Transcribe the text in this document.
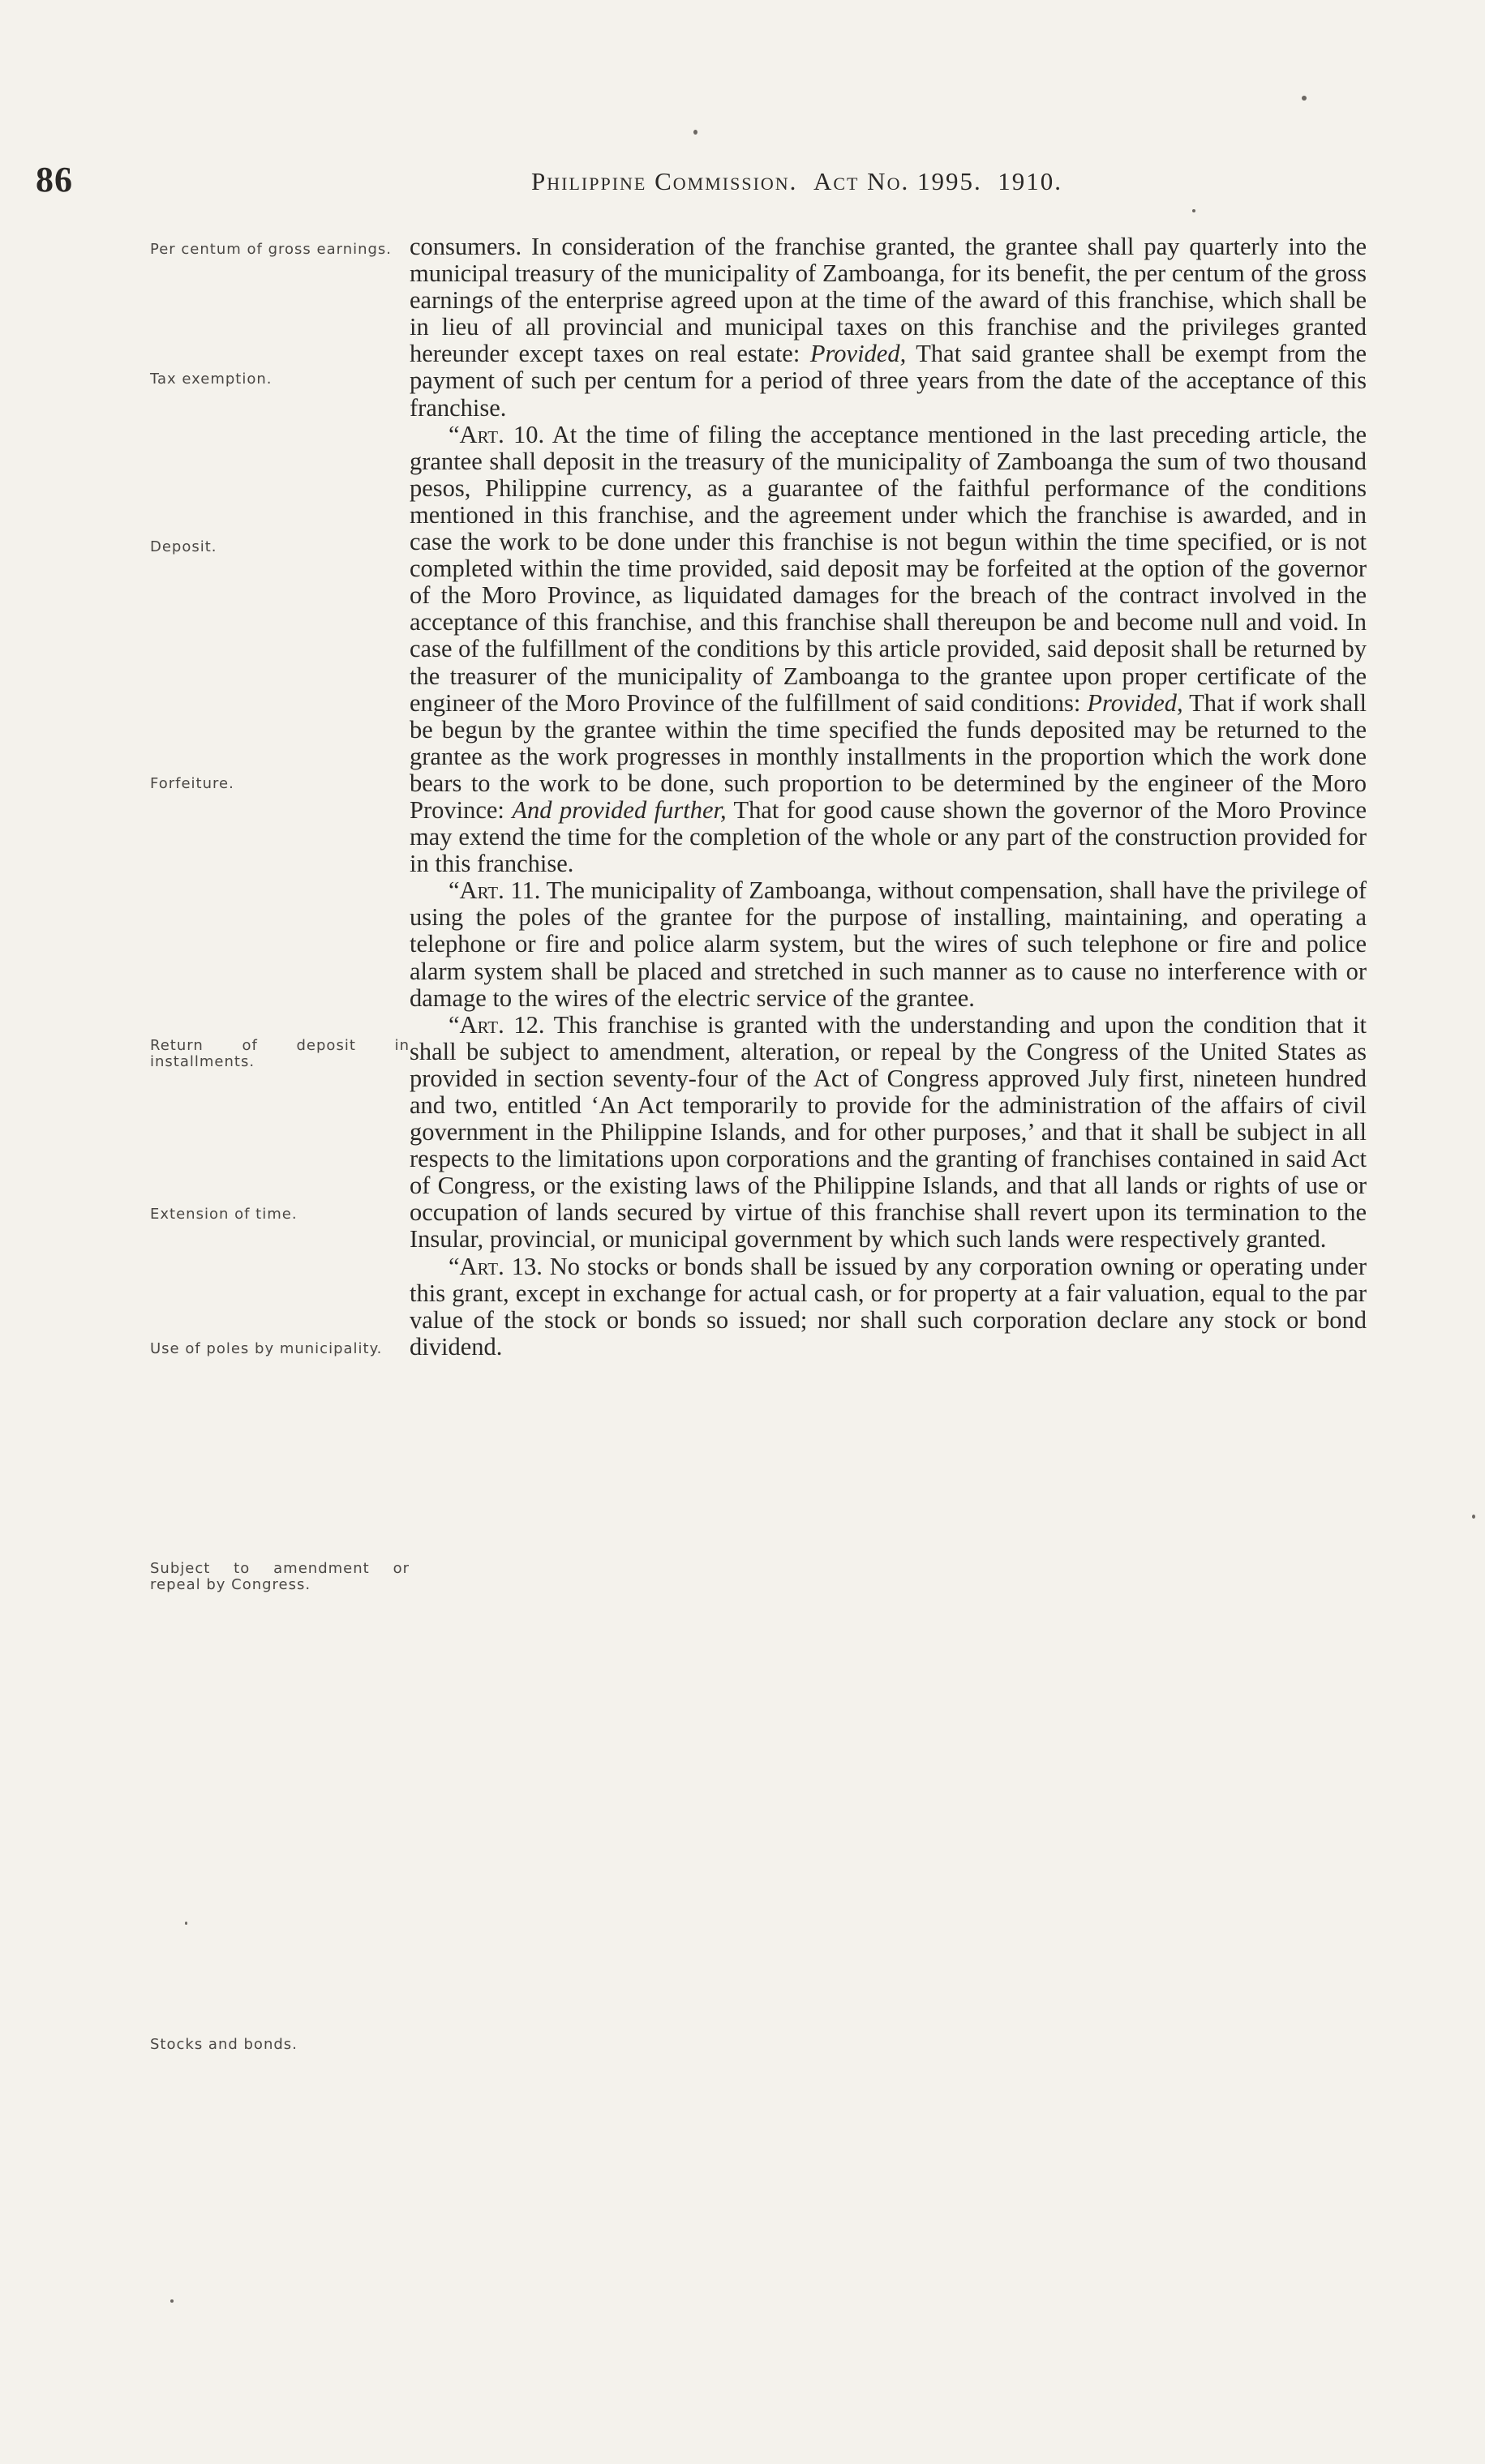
86	Philippine Commission. Act No. 1995. 1910.
Per centum of gross earnings.
Tax exemption.
Deposit.
Forfeiture.
Return of deposit in installments.
Extension of time.
Use of poles by municipality.
Subject to amendment or repeal by Congress.
Stocks and bonds.

consumers. In consideration of the franchise granted, the grantee shall pay quarterly into the municipal treasury of the municipality of Zamboanga, for its benefit, the per centum of the gross earnings of the enterprise agreed upon at the time of the award of this franchise, which shall be in lieu of all provincial and municipal taxes on this franchise and the privileges granted hereunder except taxes on real estate: Provided, That said grantee shall be exempt from the payment of such per centum for a period of three years from the date of the acceptance of this franchise.

“Art. 10. At the time of filing the acceptance mentioned in the last preceding article, the grantee shall deposit in the treasury of the municipality of Zamboanga the sum of two thousand pesos, Philippine currency, as a guarantee of the faithful performance of the conditions mentioned in this franchise, and the agreement under which the franchise is awarded, and in case the work to be done under this franchise is not begun within the time specified, or is not completed within the time provided, said deposit may be forfeited at the option of the governor of the Moro Province, as liquidated damages for the breach of the contract involved in the acceptance of this franchise, and this franchise shall thereupon be and become null and void. In case of the fulfillment of the conditions by this article provided, said deposit shall be returned by the treasurer of the municipality of Zamboanga to the grantee upon proper certificate of the engineer of the Moro Province of the fulfillment of said conditions: Provided, That if work shall be begun by the grantee within the time specified the funds deposited may be returned to the grantee as the work progresses in monthly installments in the proportion which the work done bears to the work to be done, such proportion to be determined by the engineer of the Moro Province: And provided further, That for good cause shown the governor of the Moro Province may extend the time for the completion of the whole or any part of the construction provided for in this franchise.

“Art. 11. The municipality of Zamboanga, without compensation, shall have the privilege of using the poles of the grantee for the purpose of installing, maintaining, and operating a telephone or fire and police alarm system, but the wires of such telephone or fire and police alarm system shall be placed and stretched in such manner as to cause no interference with or damage to the wires of the electric service of the grantee.

“Art. 12. This franchise is granted with the understanding and upon the condition that it shall be subject to amendment, alteration, or repeal by the Congress of the United States as provided in section seventy-four of the Act of Congress approved July first, nineteen hundred and two, entitled ‘An Act temporarily to provide for the administration of the affairs of civil government in the Philippine Islands, and for other purposes,’ and that it shall be subject in all respects to the limitations upon corporations and the granting of franchises contained in said Act of Congress, or the existing laws of the Philippine Islands, and that all lands or rights of use or occupation of lands secured by virtue of this franchise shall revert upon its termination to the Insular, provincial, or municipal government by which such lands were respectively granted.

“Art. 13. No stocks or bonds shall be issued by any corporation owning or operating under this grant, except in exchange for actual cash, or for property at a fair valuation, equal to the par value of the stock or bonds so issued; nor shall such corporation declare any stock or bond dividend.
